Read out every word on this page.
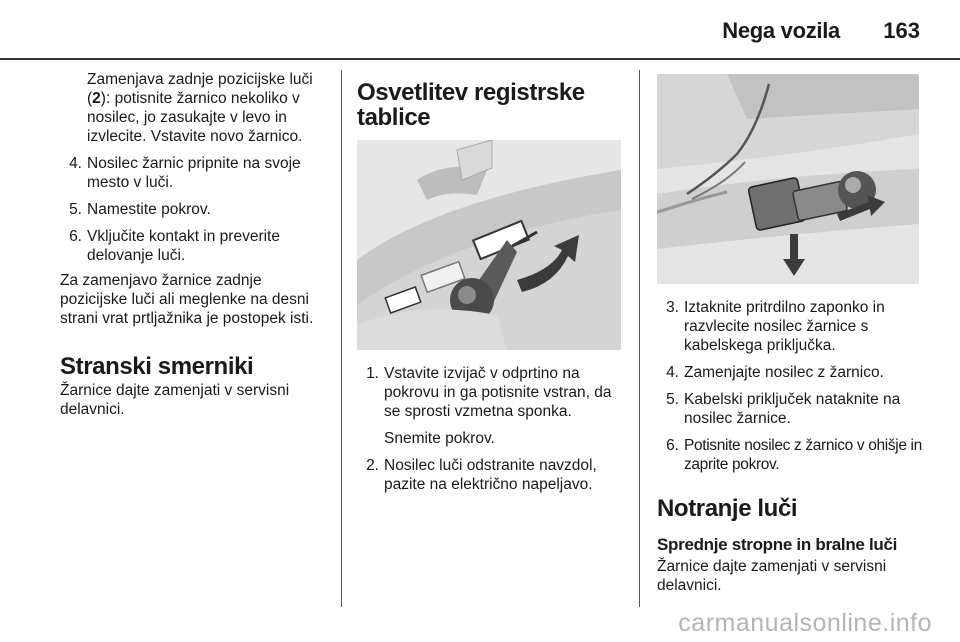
Nega vozila 163

Zamenjava zadnje pozicijske luči (2): potisnite žarnico nekoliko v nosilec, jo zasukajte v levo in izvlecite. Vstavite novo žarnico.

4. Nosilec žarnic pripnite na svoje mesto v luči.
5. Namestite pokrov.
6. Vključite kontakt in preverite delovanje luči.

Za zamenjavo žarnice zadnje pozicijske luči ali meglenke na desni strani vrat prtljažnika je postopek isti.

Stranski smerniki

Žarnice dajte zamenjati v servisni delavnici.

Osvetlitev registrske tablice
1. Vstavite izvijač v odprtino na pokrovu in ga potisnite vstran, da se sprosti vzmetna sponka.

Snemite pokrov.

2. Nosilec luči odstranite navzdol, pazite na električno napeljavo.
3. Iztaknite pritrdilno zaponko in razvlecite nosilec žarnice s kabelskega priključka.
4. Zamenjajte nosilec z žarnico.
5. Kabelski priključek nataknite na nosilec žarnice.
6. Potisnite nosilec z žarnico v ohišje in zaprite pokrov.
Notranje luči
Sprednje stropne in bralne luči

Žarnice dajte zamenjati v servisni delavnici.

carmanualsonline.info
